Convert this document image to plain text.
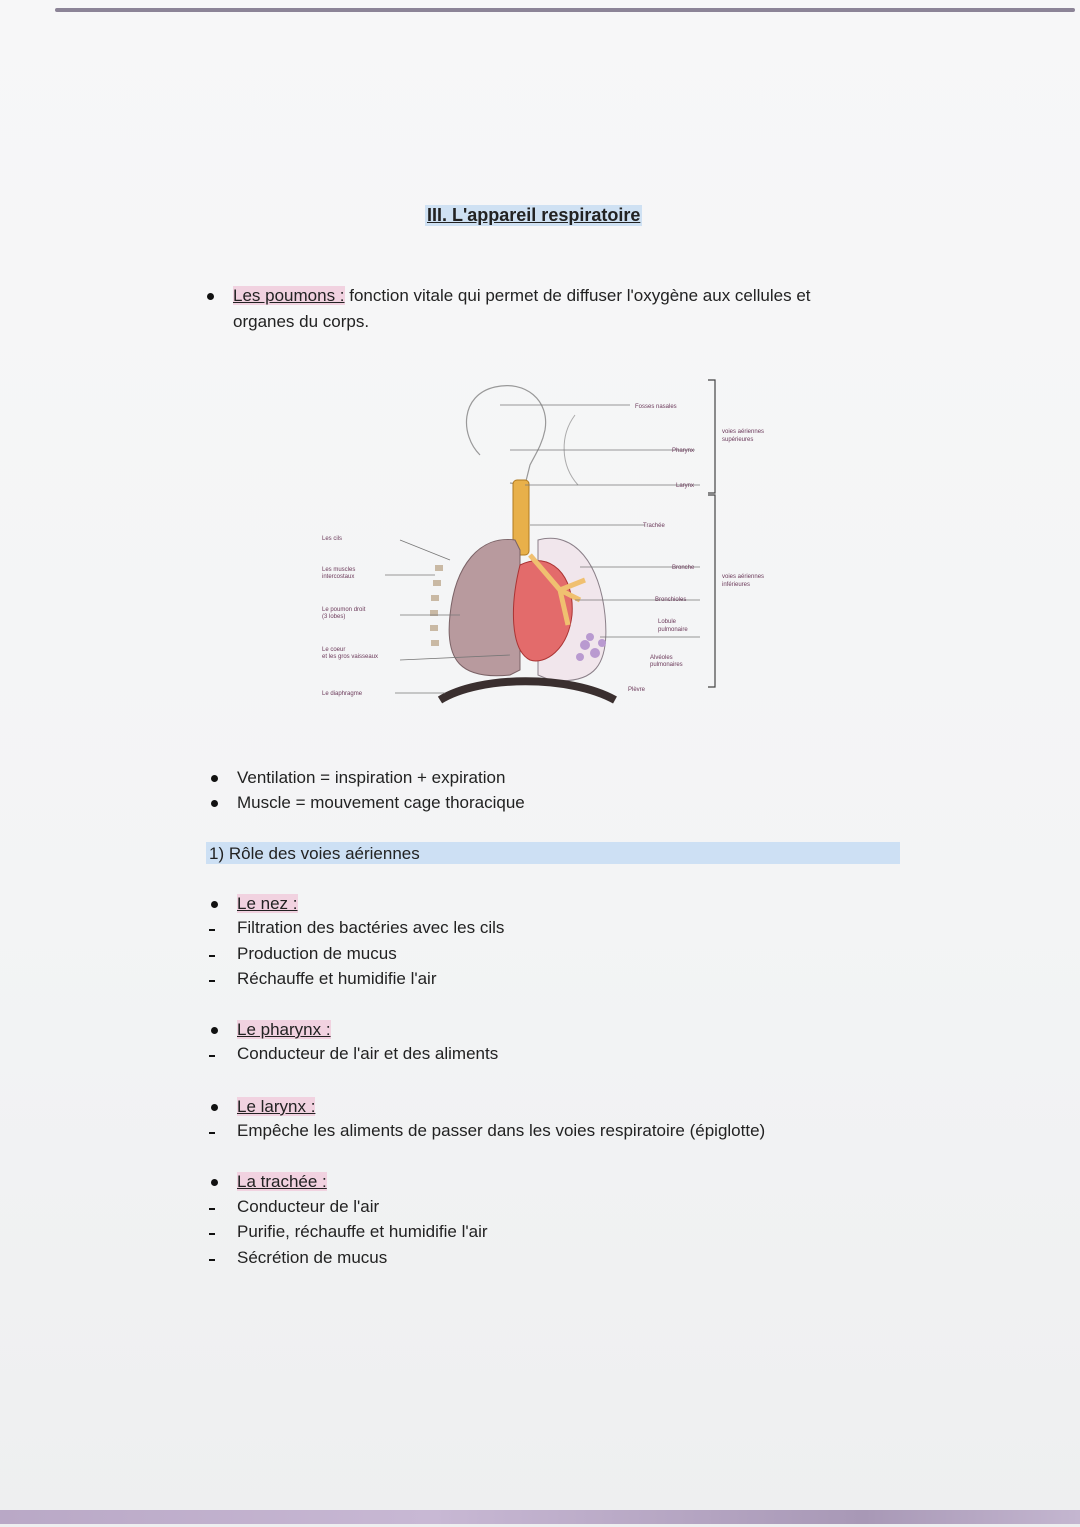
III. L'appareil respiratoire
Les poumons : fonction vitale qui permet de diffuser l'oxygène aux cellules et
organes du corps.
Fosses nasales
Pharynx
Larynx
Trachée
Bronche
Bronchioles
Lobule
pulmonaire
Alvéoles
pulmonaires
Plèvre
Les cils
Les muscles
intercostaux
Le poumon droit
(3 lobes)
Le coeur
et les gros vaisseaux
Le diaphragme
voies aériennes
supérieures
voies aériennes
inférieures
Ventilation = inspiration + expiration
Muscle = mouvement cage thoracique
1) Rôle des voies aériennes
Le nez :
Filtration des bactéries avec les cils
Production de mucus
Réchauffe et humidifie l'air
Le pharynx :
Conducteur de l'air et des aliments
Le larynx :
Empêche les aliments de passer dans les voies respiratoire (épiglotte)
La trachée :
Conducteur de l'air
Purifie, réchauffe et humidifie l'air
Sécrétion de mucus
